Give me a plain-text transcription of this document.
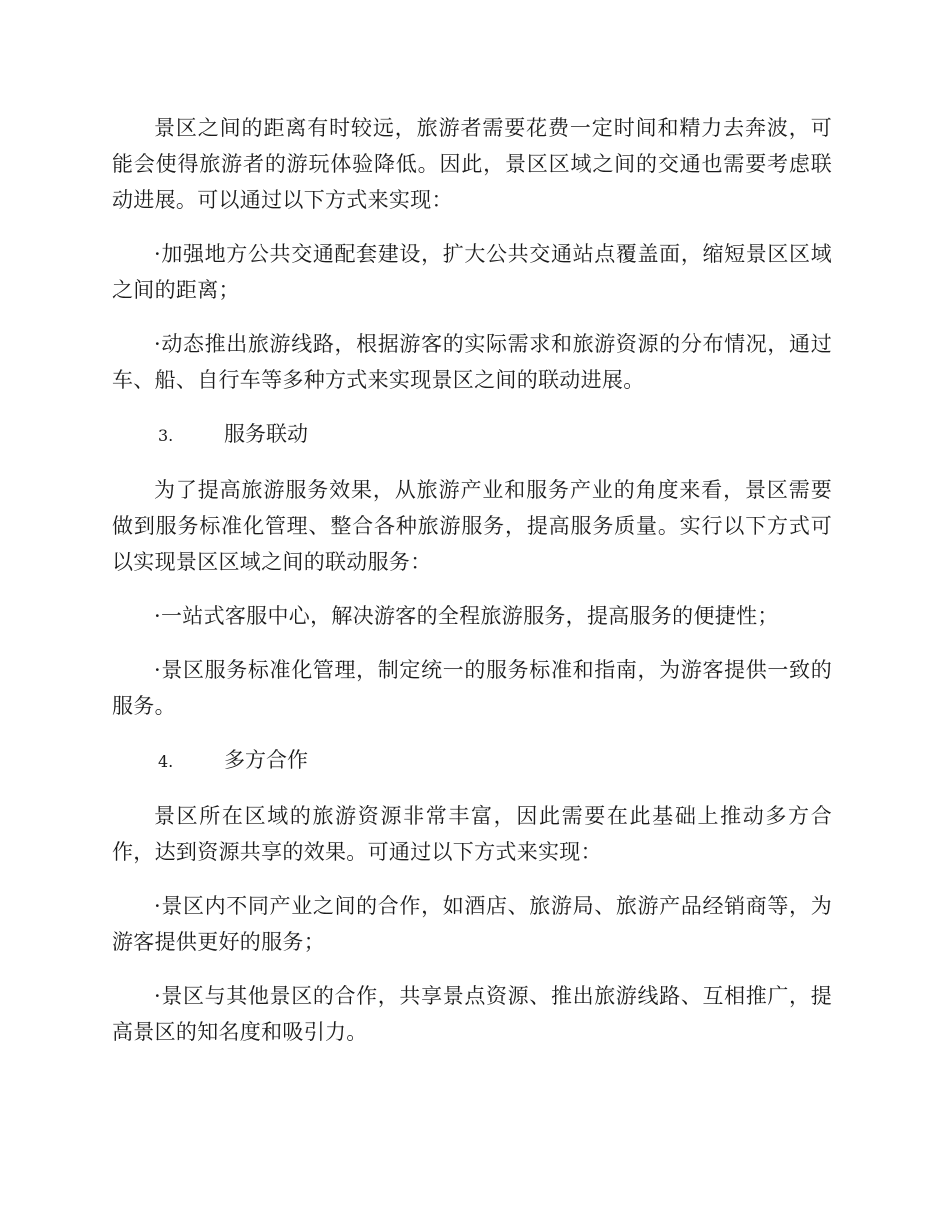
景区之间的距离有时较远，旅游者需要花费一定时间和精力去奔波，可能会使得旅游者的游玩体验降低。因此，景区区域之间的交通也需要考虑联动进展。可以通过以下方式来实现：

·加强地方公共交通配套建设，扩大公共交通站点覆盖面，缩短景区区域之间的距离；

·动态推出旅游线路，根据游客的实际需求和旅游资源的分布情况，通过车、船、自行车等多种方式来实现景区之间的联动进展。

3.	服务联动

为了提高旅游服务效果，从旅游产业和服务产业的角度来看，景区需要做到服务标准化管理、整合各种旅游服务，提高服务质量。实行以下方式可以实现景区区域之间的联动服务：

·一站式客服中心，解决游客的全程旅游服务，提高服务的便捷性；

·景区服务标准化管理，制定统一的服务标准和指南，为游客提供一致的服务。

4.	多方合作

景区所在区域的旅游资源非常丰富，因此需要在此基础上推动多方合作，达到资源共享的效果。可通过以下方式来实现：

·景区内不同产业之间的合作，如酒店、旅游局、旅游产品经销商等，为游客提供更好的服务；

·景区与其他景区的合作，共享景点资源、推出旅游线路、互相推广，提高景区的知名度和吸引力。
